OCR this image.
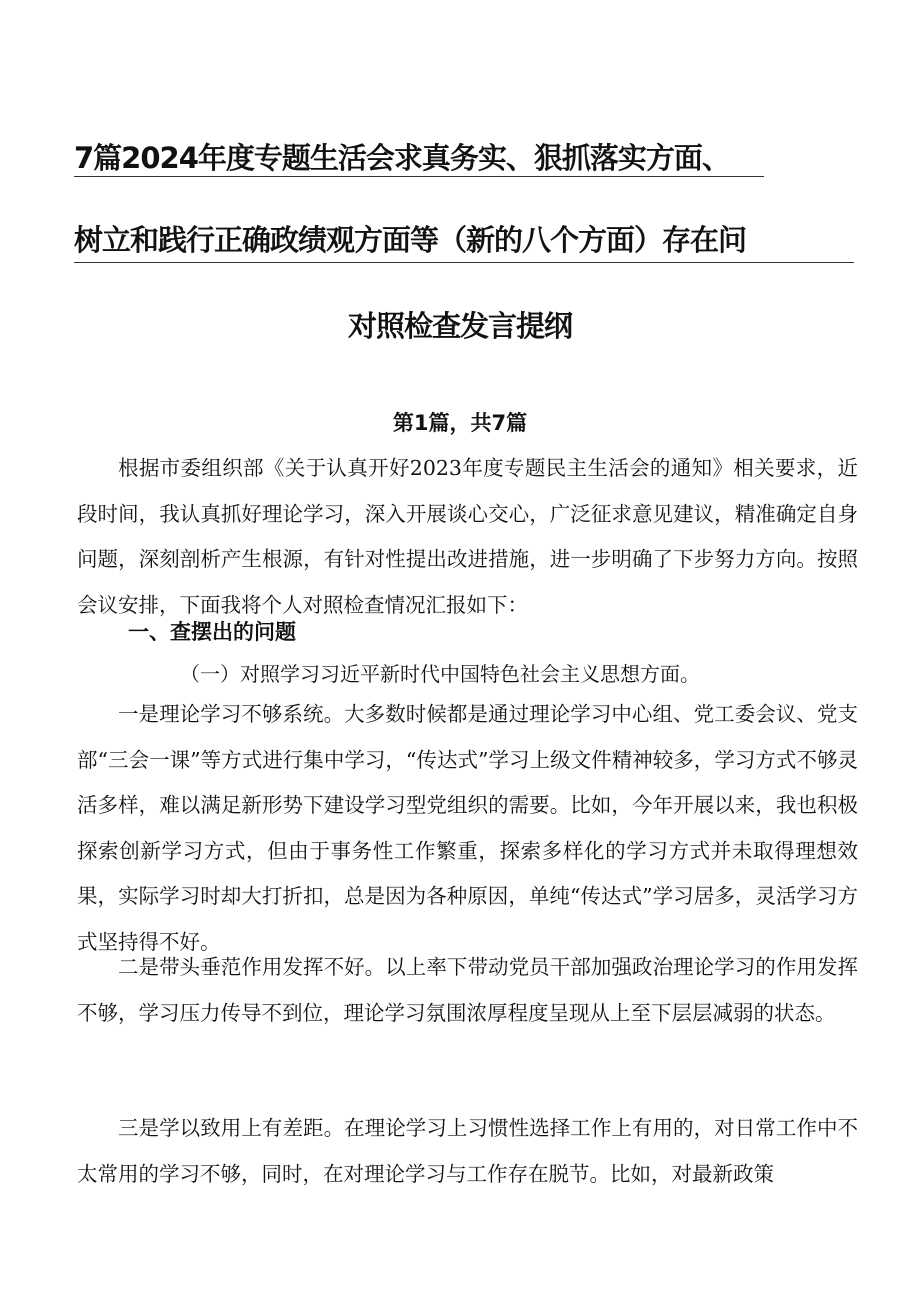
7篇2024年度专题生活会求真务实、狠抓落实方面、
树立和践行正确政绩观方面等（新的八个方面）存在问
对照检查发言提纲
第1篇，共7篇

根据市委组织部《关于认真开好2023年度专题民主生活会的通知》相关要求，近段时间，我认真抓好理论学习，深入开展谈心交心，广泛征求意见建议，精准确定自身问题，深刻剖析产生根源，有针对性提出改进措施，进一步明确了下步努力方向。按照会议安排，下面我将个人对照检查情况汇报如下：

一、查摆出的问题
（一）对照学习习近平新时代中国特色社会主义思想方面。

一是理论学习不够系统。大多数时候都是通过理论学习中心组、党工委会议、党支部“三会一课”等方式进行集中学习，“传达式”学习上级文件精神较多，学习方式不够灵活多样，难以满足新形势下建设学习型党组织的需要。比如，今年开展以来，我也积极探索创新学习方式，但由于事务性工作繁重，探索多样化的学习方式并未取得理想效果，实际学习时却大打折扣，总是因为各种原因，单纯“传达式”学习居多，灵活学习方式坚持得不好。

二是带头垂范作用发挥不好。以上率下带动党员干部加强政治理论学习的作用发挥不够，学习压力传导不到位，理论学习氛围浓厚程度呈现从上至下层层减弱的状态。

三是学以致用上有差距。在理论学习上习惯性选择工作上有用的，对日常工作中不太常用的学习不够，同时，在对理论学习与工作存在脱节。比如，对最新政策
